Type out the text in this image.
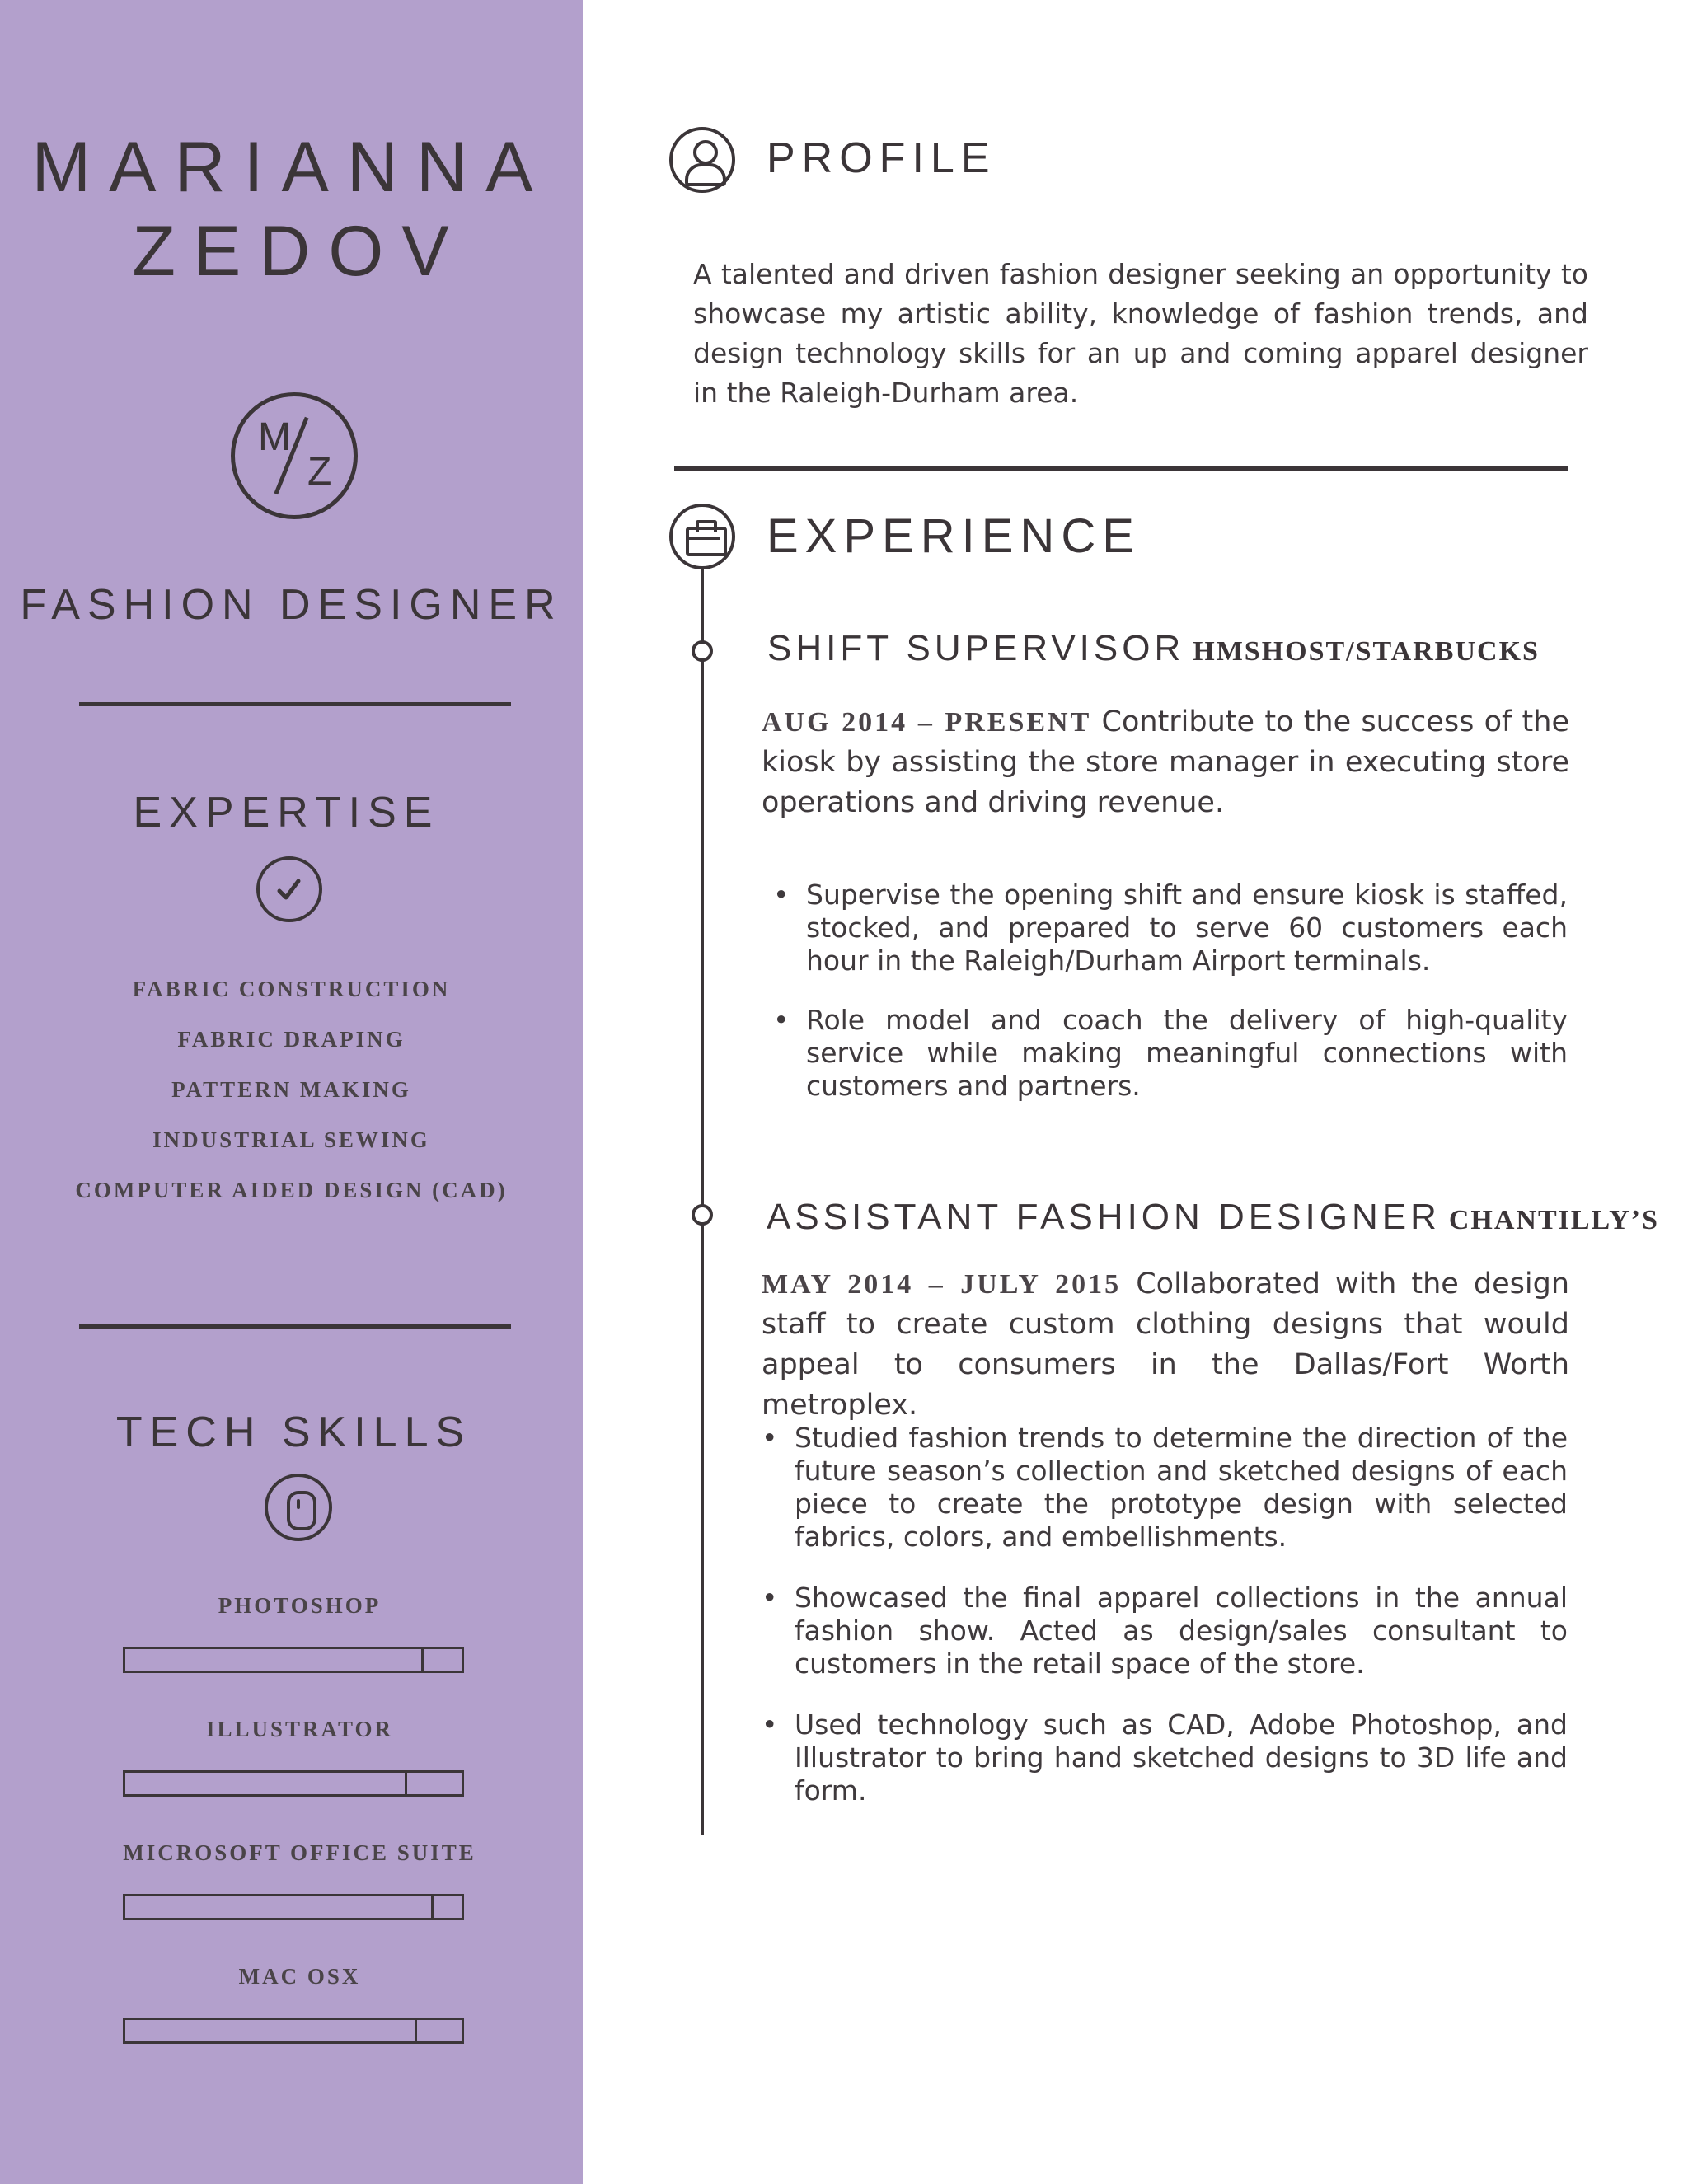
MARIANNA
ZEDOV
M
Z
FASHION DESIGNER
EXPERTISE
FABRIC CONSTRUCTION
FABRIC DRAPING
PATTERN MAKING
INDUSTRIAL SEWING
COMPUTER AIDED DESIGN (CAD)
TECH SKILLS
PHOTOSHOP
ILLUSTRATOR
MICROSOFT OFFICE SUITE
MAC OSX
PROFILE
A talented and driven fashion designer seeking an opportunity to showcase my artistic ability, knowledge of fashion trends, and design technology skills for an up and coming apparel designer in the Raleigh-Durham area.
EXPERIENCE
SHIFT SUPERVISOR HMSHOST/STARBUCKS
AUG 2014 – PRESENT Contribute to the success of the kiosk by assisting the store manager in executing store operations and driving revenue.
• Supervise the opening shift and ensure kiosk is staffed, stocked, and prepared to serve 60 customers each hour in the Raleigh/Durham Airport terminals.
• Role model and coach the delivery of high-quality service while making meaningful connections with customers and partners.
ASSISTANT FASHION DESIGNER CHANTILLY’S
MAY 2014 – JULY 2015 Collaborated with the design staff to create custom clothing designs that would appeal to consumers in the Dallas/Fort Worth metroplex.
• Studied fashion trends to determine the direction of the future season’s collection and sketched designs of each piece to create the prototype design with selected fabrics, colors, and embellishments.
• Showcased the final apparel collections in the annual fashion show. Acted as design/sales consultant to customers in the retail space of the store.
• Used technology such as CAD, Adobe Photoshop, and Illustrator to bring hand sketched designs to 3D life and form.
